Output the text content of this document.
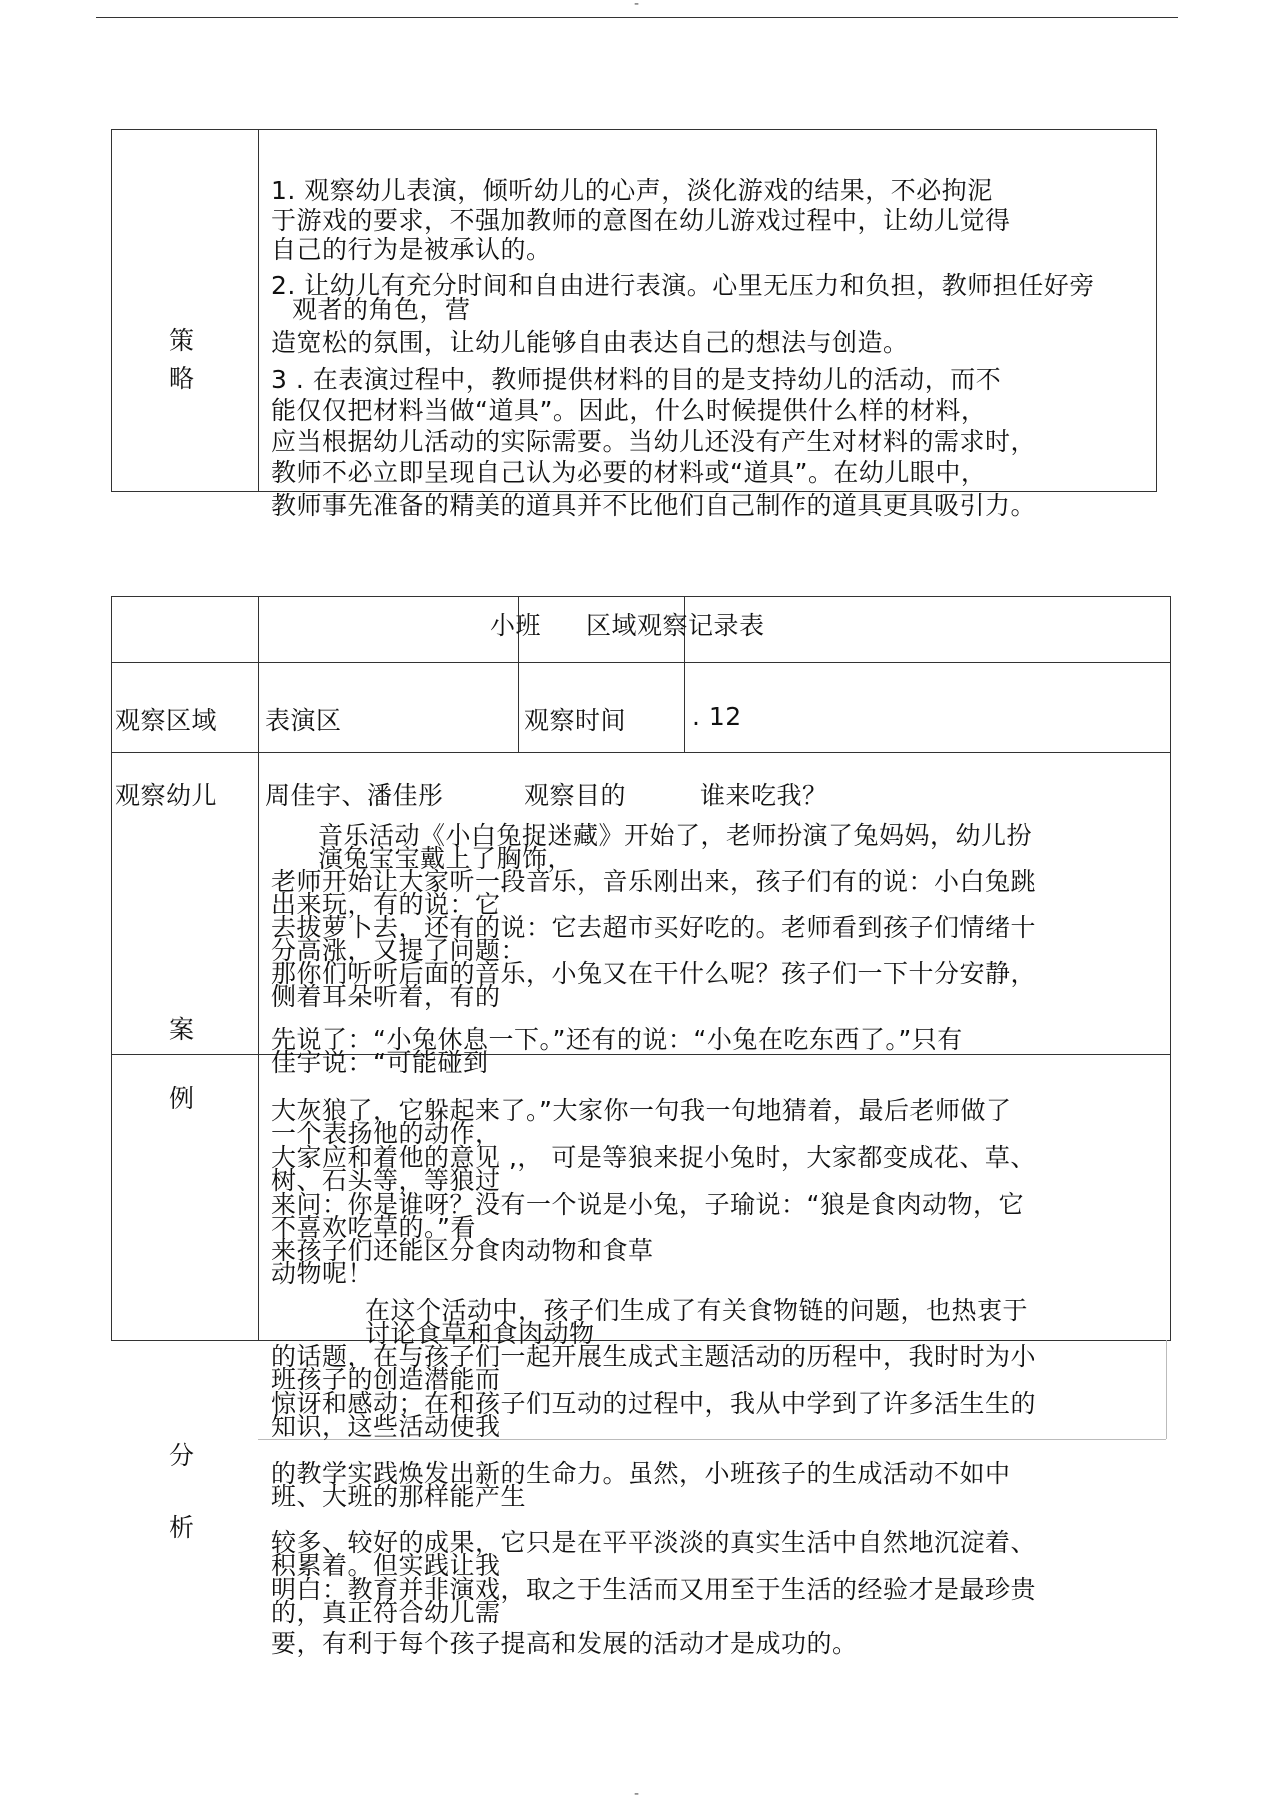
-
-
策
略
1. 观察幼儿表演，倾听幼儿的心声，淡化游戏的结果，不必拘泥
于游戏的要求，不强加教师的意图在幼儿游戏过程中，让幼儿觉得
自己的行为是被承认的。
2. 让幼儿有充分时间和自由进行表演。心里无压力和负担，教师担任好旁
观者的角色，营
造宽松的氛围，让幼儿能够自由表达自己的想法与创造。
3 . 在表演过程中，教师提供材料的目的是支持幼儿的活动，而不
能仅仅把材料当做“道具”。因此，什么时候提供什么样的材料，
应当根据幼儿活动的实际需要。当幼儿还没有产生对材料的需求时，
教师不必立即呈现自己认为必要的材料或“道具”。在幼儿眼中，
教师事先准备的精美的道具并不比他们自己制作的道具更具吸引力。
小班 区域观察记录表
观察区域 表演区	观察时间	. 12
观察幼儿 周佳宇、潘佳彤	观察目的	谁来吃我？
案
例
音乐活动《小白兔捉迷藏》开始了，老师扮演了兔妈妈，幼儿扮
演兔宝宝戴上了胸饰，
老师开始让大家听一段音乐，音乐刚出来，孩子们有的说：小白兔跳
出来玩，有的说：它
去拔萝卜去，还有的说：它去超市买好吃的。老师看到孩子们情绪十
分高涨，又提了问题：
那你们听听后面的音乐，小兔又在干什么呢？孩子们一下十分安静，
侧着耳朵听着，有的
先说了：“小兔休息一下。”还有的说：“小兔在吃东西了。”只有
佳宇说：“可能碰到
大灰狼了，它躲起来了。”大家你一句我一句地猜着，最后老师做了
一个表扬他的动作，
大家应和着他的意见 ,， 可是等狼来捉小兔时，大家都变成花、草、
树、石头等，等狼过
来问：你是谁呀？没有一个说是小兔，子瑜说：“狼是食肉动物，它
不喜欢吃草的。”看
来孩子们还能区分食肉动物和食草
动物呢！
分
析
在这个活动中，孩子们生成了有关食物链的问题，也热衷于
讨论食草和食肉动物
的话题，在与孩子们一起开展生成式主题活动的历程中，我时时为小
班孩子的创造潜能而
惊讶和感动；在和孩子们互动的过程中，我从中学到了许多活生生的
知识，这些活动使我
的教学实践焕发出新的生命力。虽然，小班孩子的生成活动不如中
班、大班的那样能产生
较多、较好的成果，它只是在平平淡淡的真实生活中自然地沉淀着、
积累着。但实践让我
明白：教育并非演戏，取之于生活而又用至于生活的经验才是最珍贵
的，真正符合幼儿需
要，有利于每个孩子提高和发展的活动才是成功的。
